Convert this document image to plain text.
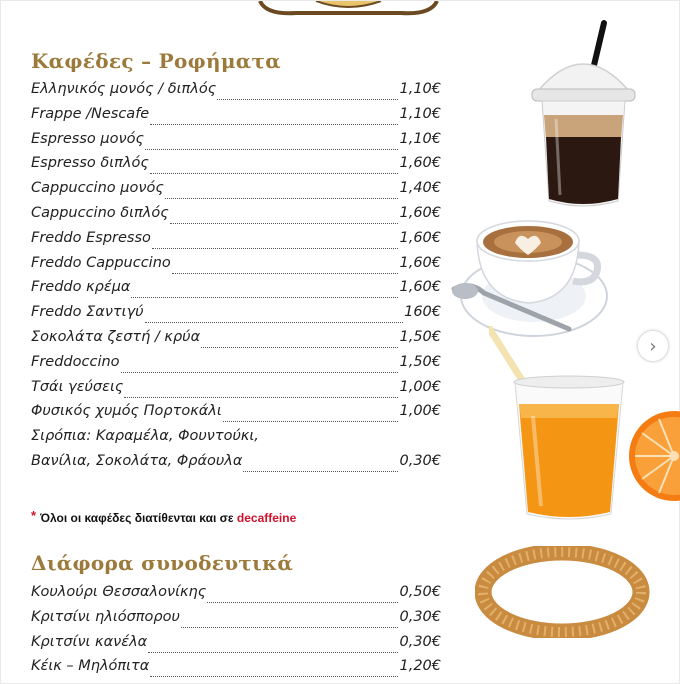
Καφέδες – Ροφήματα
Ελληνικός μονός / διπλός	1,10€
Frappe /Nescafe	1,10€
Espresso μονός	1,10€
Espresso διπλός	1,60€
Cappuccino μονός	1,40€
Cappuccino διπλός	1,60€
Freddo Espresso	1,60€
Freddo Cappuccino	1,60€
Freddo κρέμα	1,60€
Freddo Σαντιγύ	160€
Σοκολάτα ζεστή / κρύα	1,50€
Freddoccino	1,50€
Τσάι γεύσεις	1,00€
Φυσικός χυμός Πορτοκάλι	1,00€
Σιρόπια: Καραμέλα, Φουντούκι,
Βανίλια, Σοκολάτα, Φράουλα	0,30€
* Όλοι οι καφέδες διατίθενται και σε decaffeine
Διάφορα συνοδευτικά
Κουλούρι Θεσσαλονίκης	0,50€
Κριτσίνι ηλιόσπορου	0,30€
Κριτσίνι κανέλα	0,30€
Κέικ – Μηλόπιτα	1,20€
›
